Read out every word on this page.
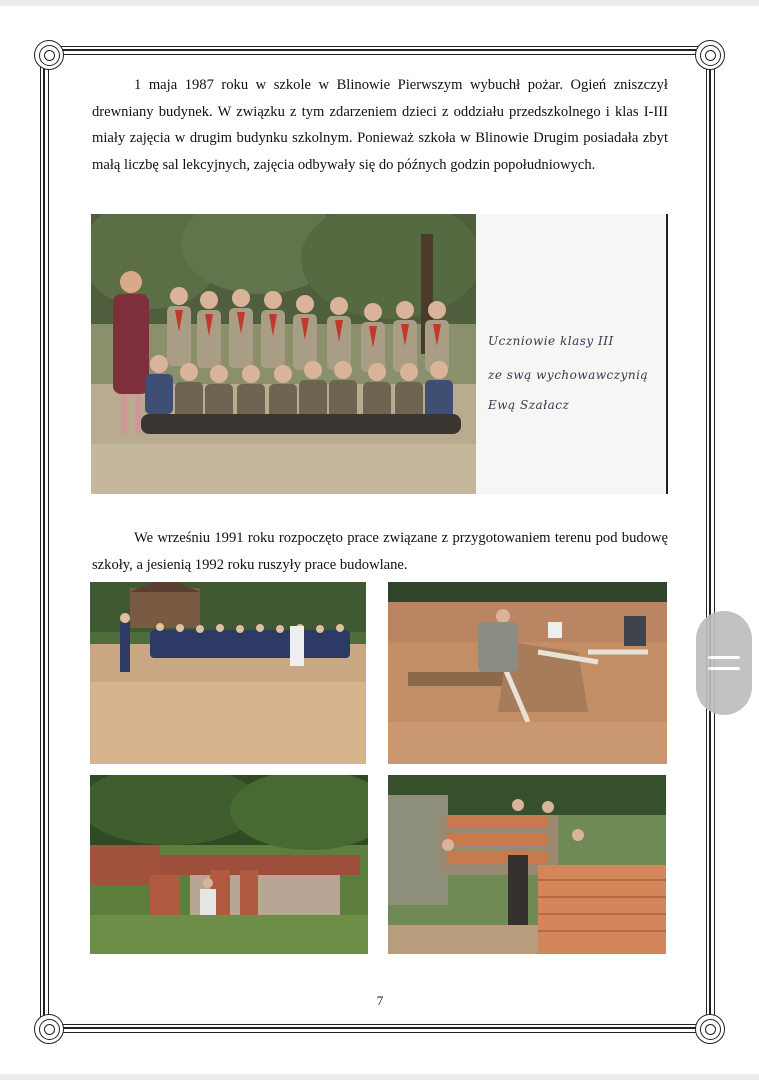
1 maja 1987 roku w szkole w Blinowie Pierwszym wybuchł pożar. Ogień zniszczył drewniany budynek. W związku z tym zdarzeniem dzieci z oddziału przedszkolnego i klas I-III miały zajęcia w drugim budynku szkolnym. Ponieważ szkoła w Blinowie Drugim posiadała zbyt małą liczbę sal lekcyjnych, zajęcia odbywały się do późnych godzin popołudniowych.

Uczniowie klasy III
ze swą wychowawczynią
Ewą Szałacz

We wrześniu 1991 roku rozpoczęto prace związane z przygotowaniem terenu pod budowę szkoły, a jesienią 1992 roku ruszyły prace budowlane.

7
